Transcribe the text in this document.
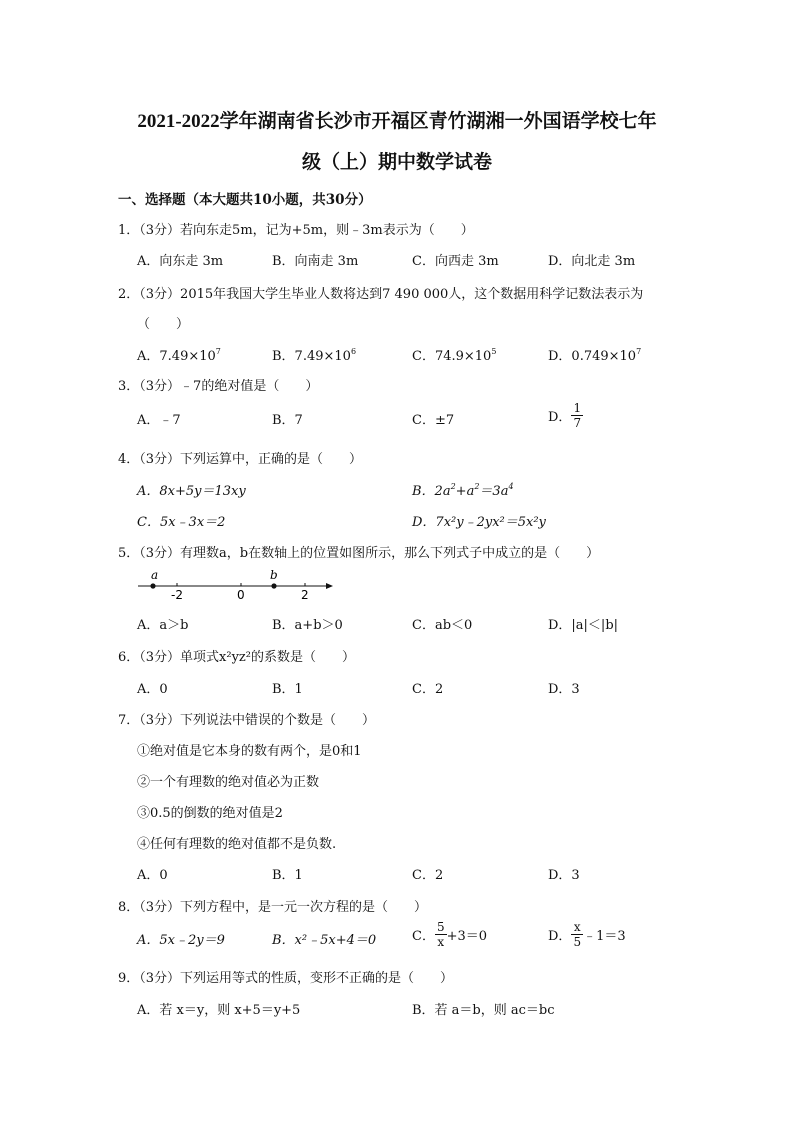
2021-2022学年湖南省长沙市开福区青竹湖湘一外国语学校七年
级（上）期中数学试卷
一、选择题（本大题共10小题，共30分）
1．（3分）若向东走5m，记为+5m，则﹣3m表示为（　　）
A．向东走 3m	B．向南走 3m	C．向西走 3m	D．向北走 3m
2．（3分）2015年我国大学生毕业人数将达到7 490 000人，这个数据用科学记数法表示为
（　　）
A．$7.49\times 10^7$	B．$7.49\times 10^6$	C．$74.9\times 10^5$	D．$0.749\times 10^7$
3．（3分）﹣7的绝对值是（　　）
A．﹣7	B．7	C．±7	D． $\frac{1}{7}$
4．（3分）下列运算中，正确的是（　　）
A．8x+5y＝13xy	B．$2a^2+a^2=3a^4$
C．5x﹣3x＝2	D．7x²y﹣2yx²＝5x²y
5．（3分）有理数a，b在数轴上的位置如图所示，那么下列式子中成立的是（　　）
a	b
-2	0	2
A．a＞b	B．a+b＞0	C．ab＜0	D．|a|＜|b|
6．（3分）单项式x²yz²的系数是（　　）
A．0	B．1	C．2	D．3
7．（3分）下列说法中错误的个数是（　　）
①绝对值是它本身的数有两个，是0和1
②一个有理数的绝对值必为正数
③0.5的倒数的绝对值是2
④任何有理数的绝对值都不是负数.
A．0	B．1	C．2	D．3
8．（3分）下列方程中，是一元一次方程的是（　　）
A．5x﹣2y＝9	B．x²﹣5x+4＝0	C． $\frac{5}{x} +3=0$	D． $\frac{x}{5}$ ﹣1＝3
9．（3分）下列运用等式的性质，变形不正确的是（　　）
A．若 x＝y，则 x+5＝y+5	B．若 a＝b，则 ac＝bc
